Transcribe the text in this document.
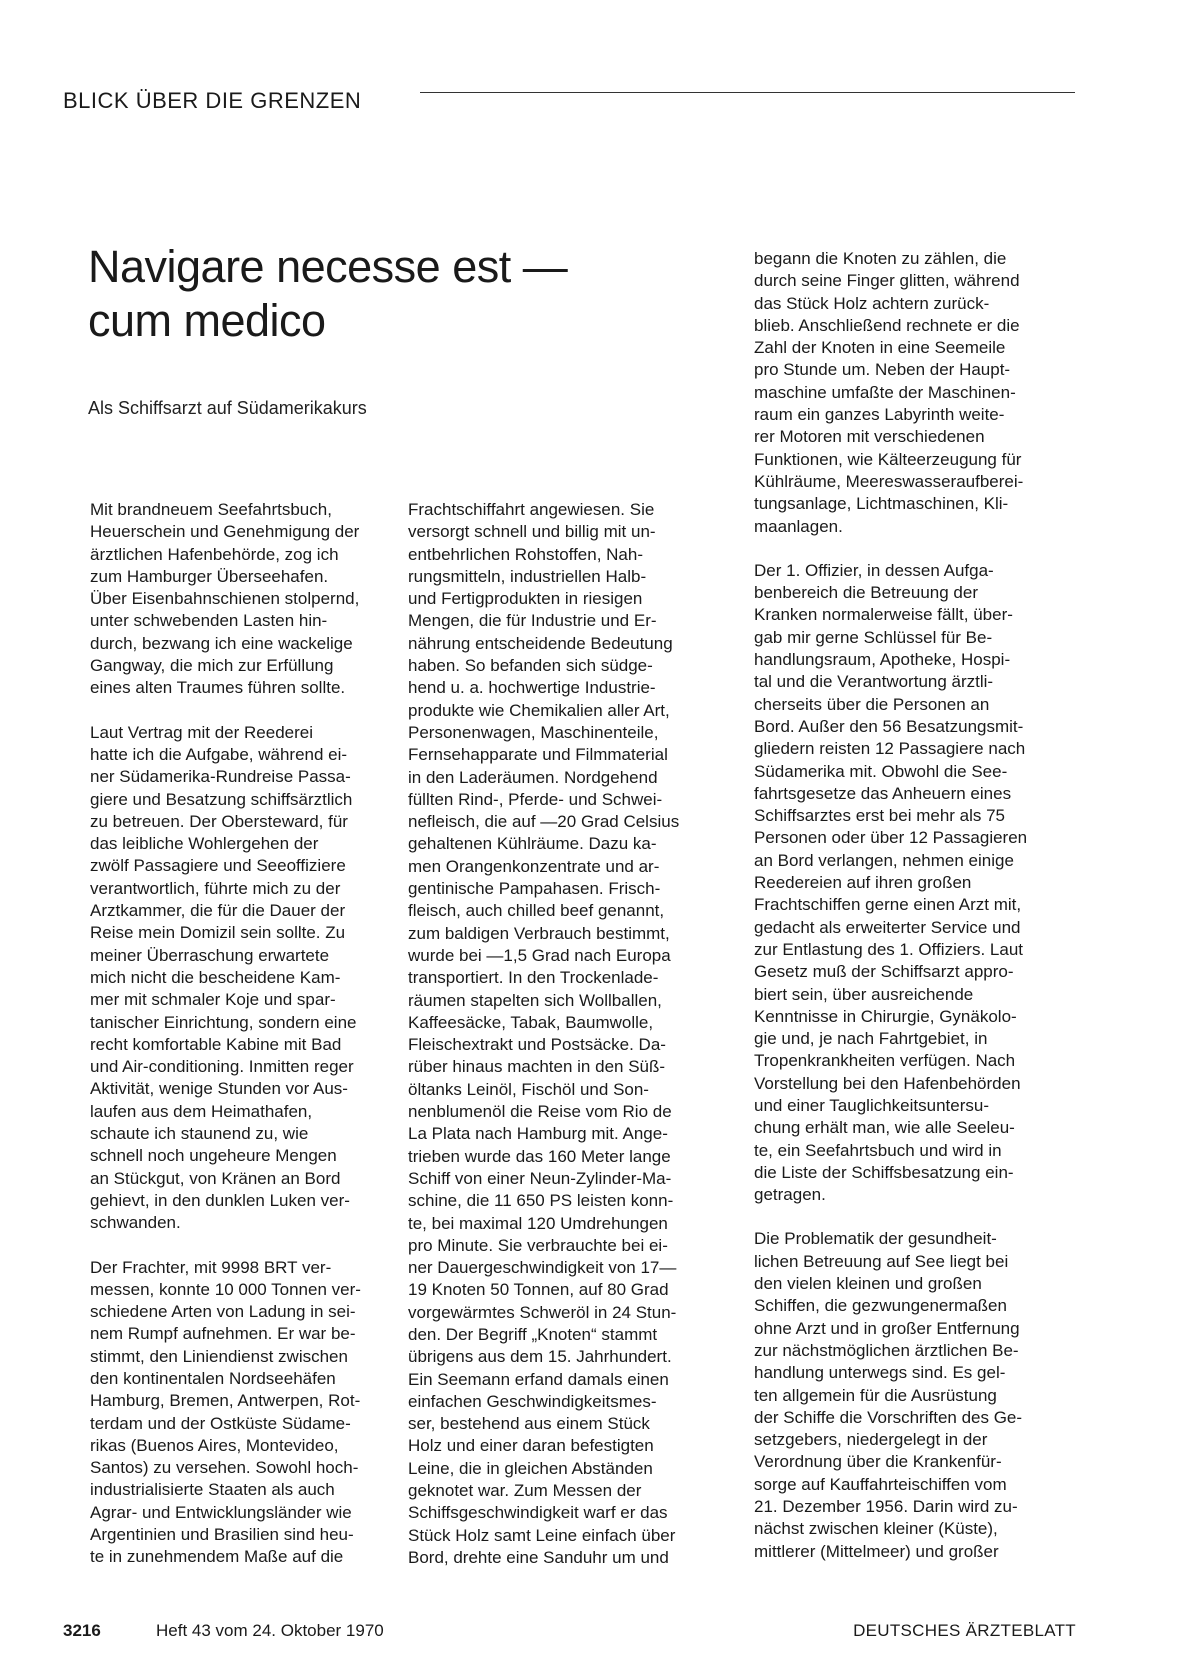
BLICK ÜBER DIE GRENZEN
Navigare necesse est —
cum medico
Als Schiffsarzt auf Südamerikakurs
Mit brandneuem Seefahrtsbuch,
Heuerschein und Genehmigung der
ärztlichen Hafenbehörde, zog ich
zum Hamburger Überseehafen.
Über Eisenbahnschienen stolpernd,
unter schwebenden Lasten hin-
durch, bezwang ich eine wackelige
Gangway, die mich zur Erfüllung
eines alten Traumes führen sollte.
Laut Vertrag mit der Reederei
hatte ich die Aufgabe, während ei-
ner Südamerika-Rundreise Passa-
giere und Besatzung schiffsärztlich
zu betreuen. Der Obersteward, für
das leibliche Wohlergehen der
zwölf Passagiere und Seeoffiziere
verantwortlich, führte mich zu der
Arztkammer, die für die Dauer der
Reise mein Domizil sein sollte. Zu
meiner Überraschung erwartete
mich nicht die bescheidene Kam-
mer mit schmaler Koje und spar-
tanischer Einrichtung, sondern eine
recht komfortable Kabine mit Bad
und Air-conditioning. Inmitten reger
Aktivität, wenige Stunden vor Aus-
laufen aus dem Heimathafen,
schaute ich staunend zu, wie
schnell noch ungeheure Mengen
an Stückgut, von Kränen an Bord
gehievt, in den dunklen Luken ver-
schwanden.
Der Frachter, mit 9998 BRT ver-
messen, konnte 10 000 Tonnen ver-
schiedene Arten von Ladung in sei-
nem Rumpf aufnehmen. Er war be-
stimmt, den Liniendienst zwischen
den kontinentalen Nordseehäfen
Hamburg, Bremen, Antwerpen, Rot-
terdam und der Ostküste Südame-
rikas (Buenos Aires, Montevideo,
Santos) zu versehen. Sowohl hoch-
industrialisierte Staaten als auch
Agrar- und Entwicklungsländer wie
Argentinien und Brasilien sind heu-
te in zunehmendem Maße auf die
Frachtschiffahrt angewiesen. Sie
versorgt schnell und billig mit un-
entbehrlichen Rohstoffen, Nah-
rungsmitteln, industriellen Halb-
und Fertigprodukten in riesigen
Mengen, die für Industrie und Er-
nährung entscheidende Bedeutung
haben. So befanden sich südge-
hend u. a. hochwertige Industrie-
produkte wie Chemikalien aller Art,
Personenwagen, Maschinenteile,
Fernsehapparate und Filmmaterial
in den Laderäumen. Nordgehend
füllten Rind-, Pferde- und Schwei-
nefleisch, die auf —20 Grad Celsius
gehaltenen Kühlräume. Dazu ka-
men Orangenkonzentrate und ar-
gentinische Pampahasen. Frisch-
fleisch, auch chilled beef genannt,
zum baldigen Verbrauch bestimmt,
wurde bei —1,5 Grad nach Europa
transportiert. In den Trockenlade-
räumen stapelten sich Wollballen,
Kaffeesäcke, Tabak, Baumwolle,
Fleischextrakt und Postsäcke. Da-
rüber hinaus machten in den Süß-
öltanks Leinöl, Fischöl und Son-
nenblumenöl die Reise vom Rio de
La Plata nach Hamburg mit. Ange-
trieben wurde das 160 Meter lange
Schiff von einer Neun-Zylinder-Ma-
schine, die 11 650 PS leisten konn-
te, bei maximal 120 Umdrehungen
pro Minute. Sie verbrauchte bei ei-
ner Dauergeschwindigkeit von 17—
19 Knoten 50 Tonnen, auf 80 Grad
vorgewärmtes Schweröl in 24 Stun-
den. Der Begriff „Knoten“ stammt
übrigens aus dem 15. Jahrhundert.
Ein Seemann erfand damals einen
einfachen Geschwindigkeitsmes-
ser, bestehend aus einem Stück
Holz und einer daran befestigten
Leine, die in gleichen Abständen
geknotet war. Zum Messen der
Schiffsgeschwindigkeit warf er das
Stück Holz samt Leine einfach über
Bord, drehte eine Sanduhr um und
begann die Knoten zu zählen, die
durch seine Finger glitten, während
das Stück Holz achtern zurück-
blieb. Anschließend rechnete er die
Zahl der Knoten in eine Seemeile
pro Stunde um. Neben der Haupt-
maschine umfaßte der Maschinen-
raum ein ganzes Labyrinth weite-
rer Motoren mit verschiedenen
Funktionen, wie Kälteerzeugung für
Kühlräume, Meereswasseraufberei-
tungsanlage, Lichtmaschinen, Kli-
maanlagen.
Der 1. Offizier, in dessen Aufga-
benbereich die Betreuung der
Kranken normalerweise fällt, über-
gab mir gerne Schlüssel für Be-
handlungsraum, Apotheke, Hospi-
tal und die Verantwortung ärztli-
cherseits über die Personen an
Bord. Außer den 56 Besatzungsmit-
gliedern reisten 12 Passagiere nach
Südamerika mit. Obwohl die See-
fahrtsgesetze das Anheuern eines
Schiffsarztes erst bei mehr als 75
Personen oder über 12 Passagieren
an Bord verlangen, nehmen einige
Reedereien auf ihren großen
Frachtschiffen gerne einen Arzt mit,
gedacht als erweiterter Service und
zur Entlastung des 1. Offiziers. Laut
Gesetz muß der Schiffsarzt appro-
biert sein, über ausreichende
Kenntnisse in Chirurgie, Gynäkolo-
gie und, je nach Fahrtgebiet, in
Tropenkrankheiten verfügen. Nach
Vorstellung bei den Hafenbehörden
und einer Tauglichkeitsuntersu-
chung erhält man, wie alle Seeleu-
te, ein Seefahrtsbuch und wird in
die Liste der Schiffsbesatzung ein-
getragen.
Die Problematik der gesundheit-
lichen Betreuung auf See liegt bei
den vielen kleinen und großen
Schiffen, die gezwungenermaßen
ohne Arzt und in großer Entfernung
zur nächstmöglichen ärztlichen Be-
handlung unterwegs sind. Es gel-
ten allgemein für die Ausrüstung
der Schiffe die Vorschriften des Ge-
setzgebers, niedergelegt in der
Verordnung über die Krankenfür-
sorge auf Kauffahrteischiffen vom
21. Dezember 1956. Darin wird zu-
nächst zwischen kleiner (Küste),
mittlerer (Mittelmeer) und großer
3216	Heft 43 vom 24. Oktober 1970	DEUTSCHES ÄRZTEBLATT
